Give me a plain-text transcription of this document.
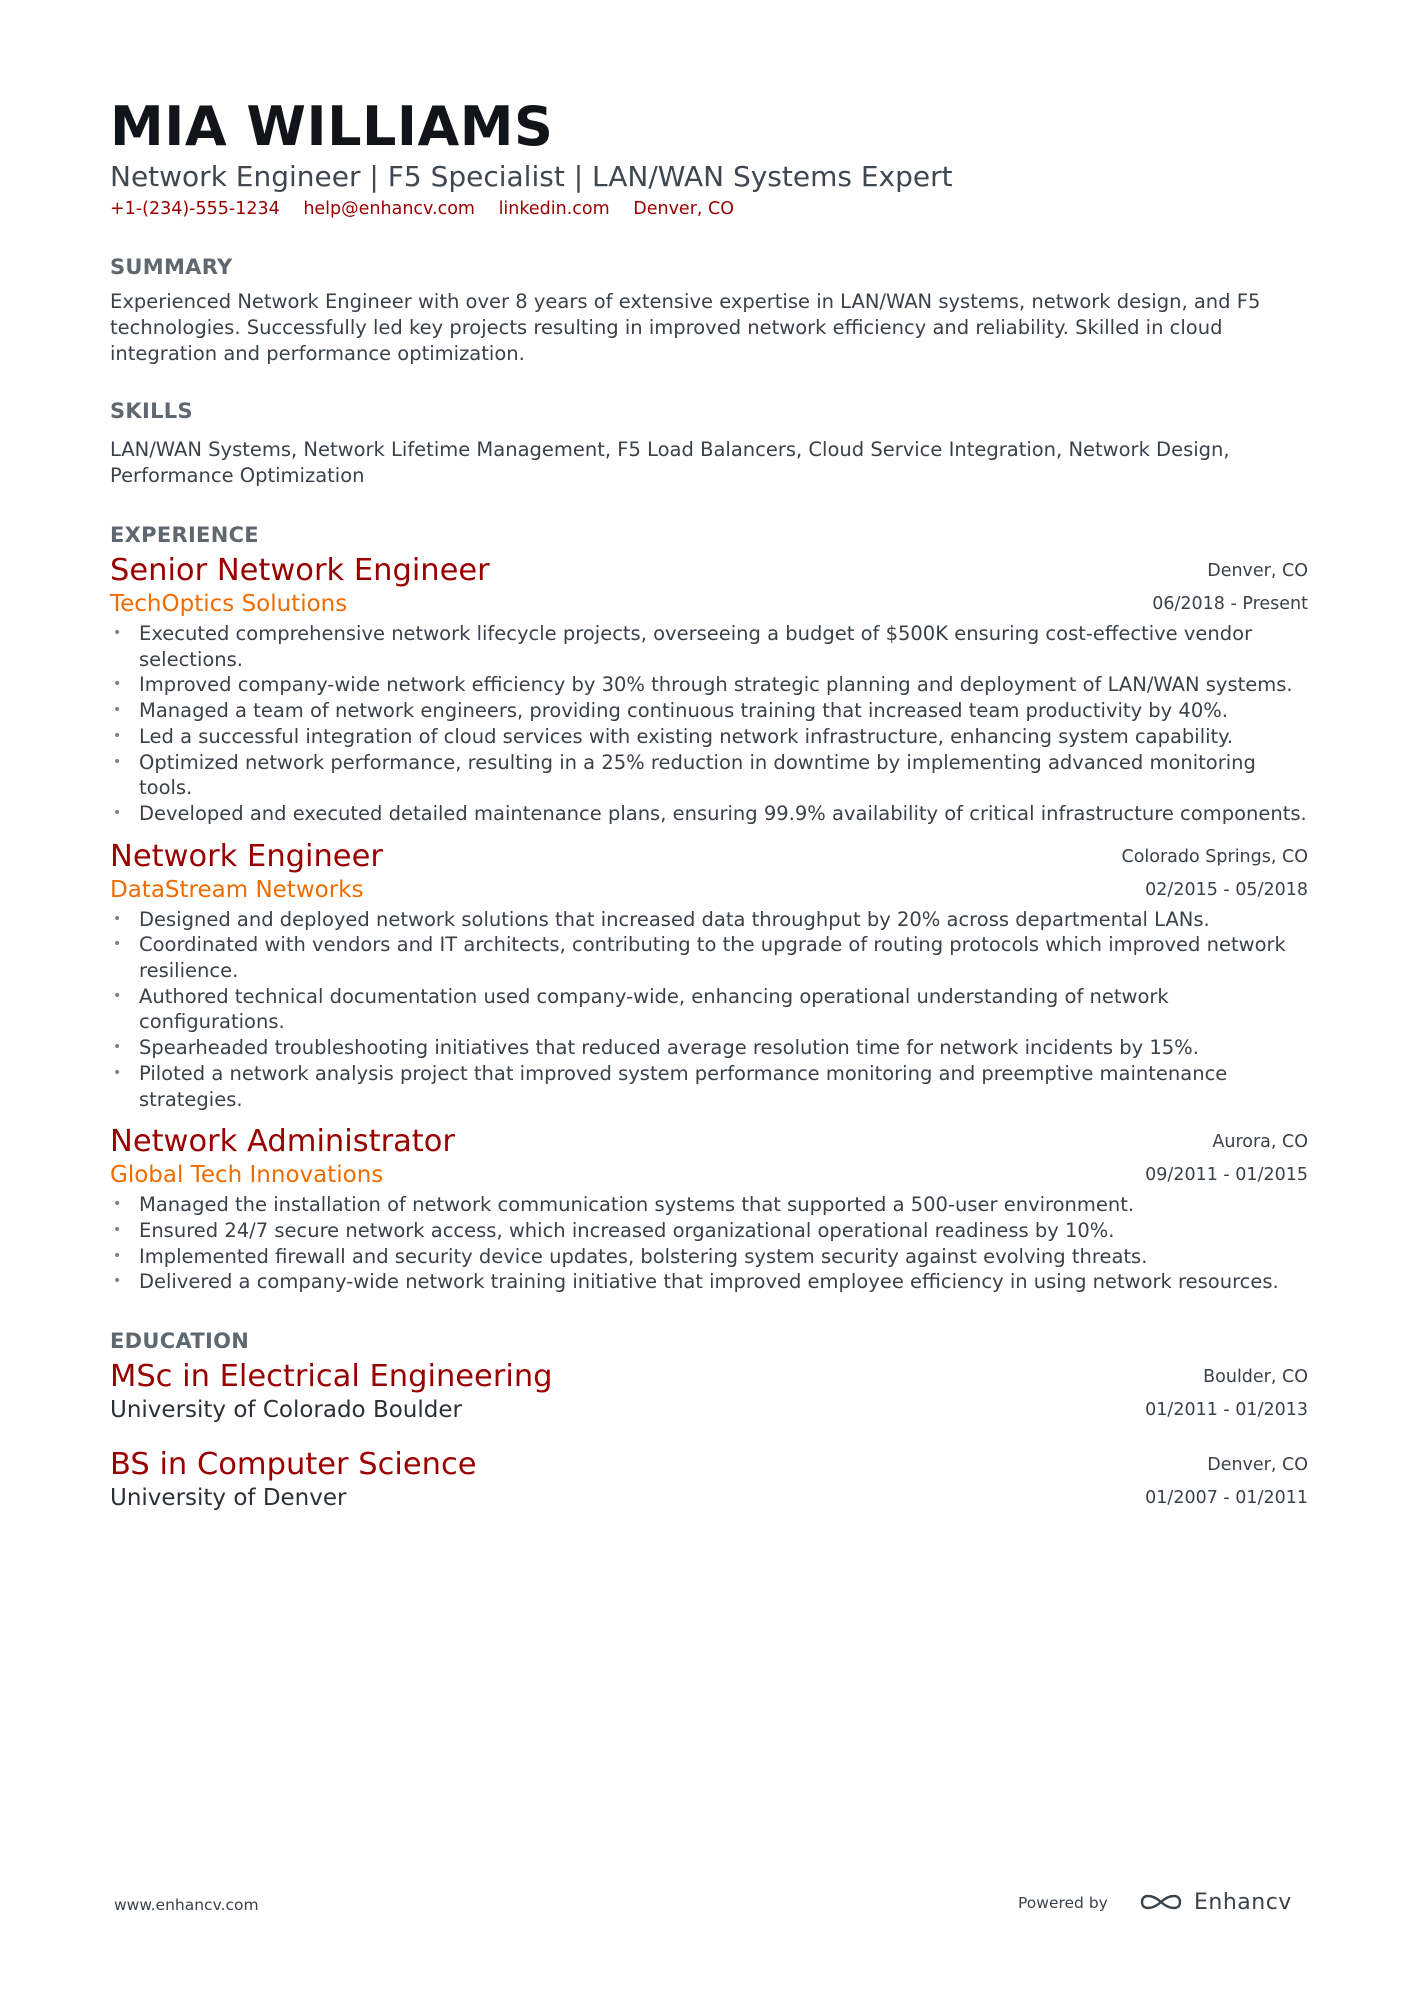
MIA WILLIAMS
Network Engineer | F5 Specialist | LAN/WAN Systems Expert
+1-(234)-555-1234 help@enhancv.com linkedin.com Denver, CO
SUMMARY
Experienced Network Engineer with over 8 years of extensive expertise in LAN/WAN systems, network design, and F5 technologies. Successfully led key projects resulting in improved network efficiency and reliability. Skilled in cloud integration and performance optimization.
SKILLS
LAN/WAN Systems, Network Lifetime Management, F5 Load Balancers, Cloud Service Integration, Network Design, Performance Optimization
EXPERIENCE
Senior Network Engineer
TechOptics Solutions
Denver, CO
06/2018 - Present
• Executed comprehensive network lifecycle projects, overseeing a budget of $500K ensuring cost-effective vendor selections.
• Improved company-wide network efficiency by 30% through strategic planning and deployment of LAN/WAN systems.
• Managed a team of network engineers, providing continuous training that increased team productivity by 40%.
• Led a successful integration of cloud services with existing network infrastructure, enhancing system capability.
• Optimized network performance, resulting in a 25% reduction in downtime by implementing advanced monitoring tools.
• Developed and executed detailed maintenance plans, ensuring 99.9% availability of critical infrastructure components.
Network Engineer
DataStream Networks
Colorado Springs, CO
02/2015 - 05/2018
• Designed and deployed network solutions that increased data throughput by 20% across departmental LANs.
• Coordinated with vendors and IT architects, contributing to the upgrade of routing protocols which improved network resilience.
• Authored technical documentation used company-wide, enhancing operational understanding of network configurations.
• Spearheaded troubleshooting initiatives that reduced average resolution time for network incidents by 15%.
• Piloted a network analysis project that improved system performance monitoring and preemptive maintenance strategies.
Network Administrator
Global Tech Innovations
Aurora, CO
09/2011 - 01/2015
• Managed the installation of network communication systems that supported a 500-user environment.
• Ensured 24/7 secure network access, which increased organizational operational readiness by 10%.
• Implemented firewall and security device updates, bolstering system security against evolving threats.
• Delivered a company-wide network training initiative that improved employee efficiency in using network resources.
EDUCATION
MSc in Electrical Engineering
University of Colorado Boulder
Boulder, CO
01/2011 - 01/2013
BS in Computer Science
University of Denver
Denver, CO
01/2007 - 01/2011
www.enhancv.com	Powered by	Enhancv
